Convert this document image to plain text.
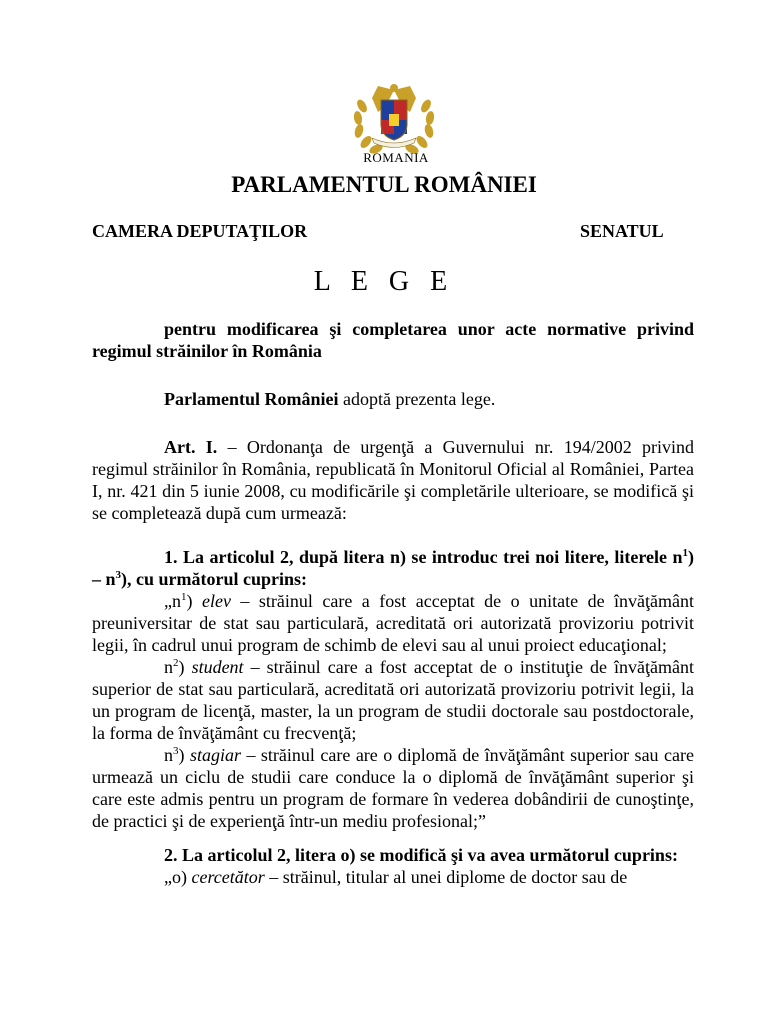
ROMANIA
PARLAMENTUL ROMÂNIEI
CAMERA DEPUTAŢILOR	SENATUL
L E G E

pentru modificarea şi completarea unor acte normative privind regimul străinilor în România

Parlamentul României adoptă prezenta lege.

Art. I. – Ordonanţa de urgenţă a Guvernului nr. 194/2002 privind regimul străinilor în România, republicată în Monitorul Oficial al României, Partea I, nr. 421 din 5 iunie 2008, cu modificările şi completările ulterioare, se modifică şi se completează după cum urmează:

1. La articolul 2, după litera n) se introduc trei noi litere, literele $n^1) - n^3$), cu următorul cuprins:

$„n^1$) elev – străinul care a fost acceptat de o unitate de învăţământ preuniversitar de stat sau particulară, acreditată ori autorizată provizoriu potrivit legii, în cadrul unui program de schimb de elevi sau al unui proiect educaţional;

$n^2$) student – străinul care a fost acceptat de o instituţie de învăţământ superior de stat sau particulară, acreditată ori autorizată provizoriu potrivit legii, la un program de licenţă, master, la un program de studii doctorale sau postdoctorale, la forma de învăţământ cu frecvenţă;

$n^3$) stagiar – străinul care are o diplomă de învăţământ superior sau care urmează un ciclu de studii care conduce la o diplomă de învăţământ superior şi care este admis pentru un program de formare în vederea dobândirii de cunoştinţe, de practici şi de experienţă într-un mediu profesional;”

2. La articolul 2, litera o) se modifică şi va avea următorul cuprins:

„o) cercetător – străinul, titular al unei diplome de doctor sau de
